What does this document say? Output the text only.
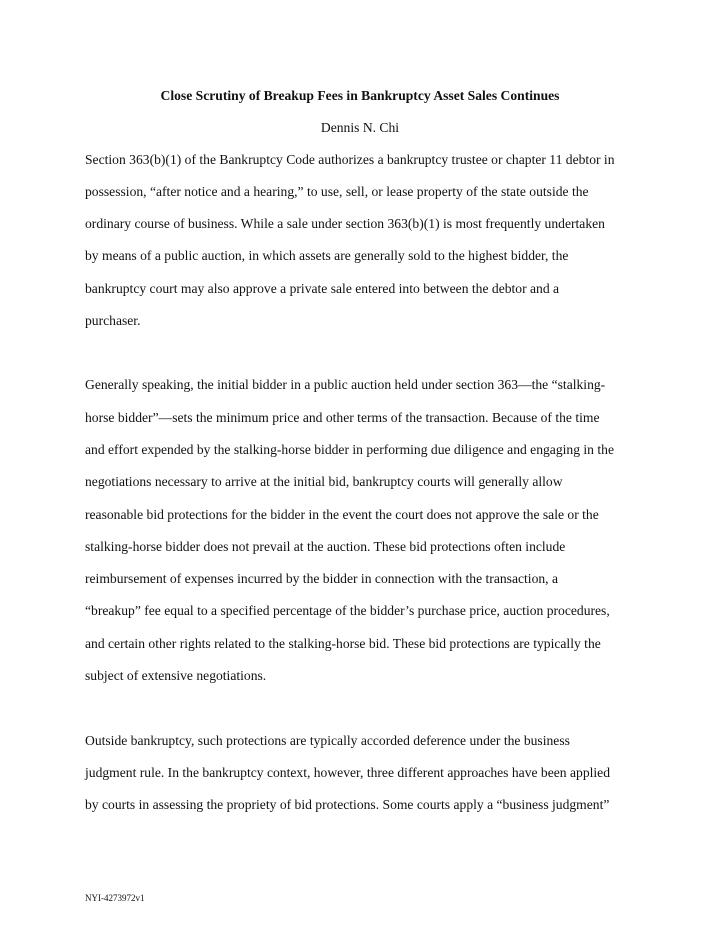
Close Scrutiny of Breakup Fees in Bankruptcy Asset Sales Continues
Dennis N. Chi
Section 363(b)(1) of the Bankruptcy Code authorizes a bankruptcy trustee or chapter 11 debtor in
possession, “after notice and a hearing,” to use, sell, or lease property of the state outside the
ordinary course of business. While a sale under section 363(b)(1) is most frequently undertaken
by means of a public auction, in which assets are generally sold to the highest bidder, the
bankruptcy court may also approve a private sale entered into between the debtor and a
purchaser.
Generally speaking, the initial bidder in a public auction held under section 363—the “stalking-
horse bidder”—sets the minimum price and other terms of the transaction. Because of the time
and effort expended by the stalking-horse bidder in performing due diligence and engaging in the
negotiations necessary to arrive at the initial bid, bankruptcy courts will generally allow
reasonable bid protections for the bidder in the event the court does not approve the sale or the
stalking-horse bidder does not prevail at the auction. These bid protections often include
reimbursement of expenses incurred by the bidder in connection with the transaction, a
“breakup” fee equal to a specified percentage of the bidder’s purchase price, auction procedures,
and certain other rights related to the stalking-horse bid. These bid protections are typically the
subject of extensive negotiations.
Outside bankruptcy, such protections are typically accorded deference under the business
judgment rule. In the bankruptcy context, however, three different approaches have been applied
by courts in assessing the propriety of bid protections. Some courts apply a “business judgment”
NYI-4273972v1
